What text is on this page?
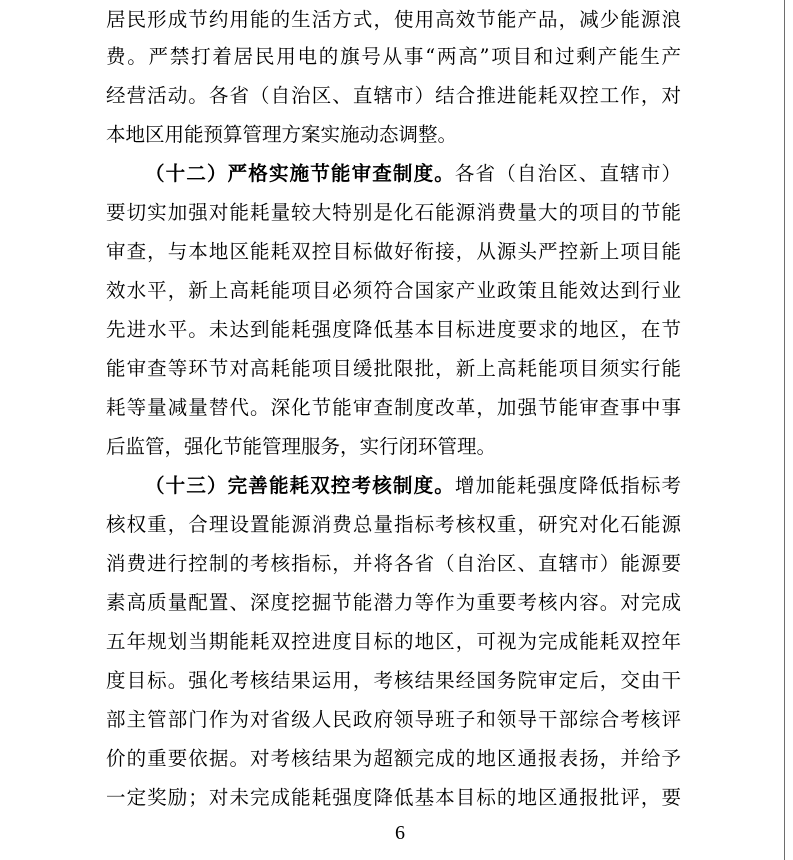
居民形成节约用能的生活方式，使用高效节能产品，减少能源浪
费。严禁打着居民用电的旗号从事“两高”项目和过剩产能生产
经营活动。各省（自治区、直辖市）结合推进能耗双控工作，对
本地区用能预算管理方案实施动态调整。
（十二）严格实施节能审查制度。各省（自治区、直辖市）
要切实加强对能耗量较大特别是化石能源消费量大的项目的节能
审查，与本地区能耗双控目标做好衔接，从源头严控新上项目能
效水平，新上高耗能项目必须符合国家产业政策且能效达到行业
先进水平。未达到能耗强度降低基本目标进度要求的地区，在节
能审查等环节对高耗能项目缓批限批，新上高耗能项目须实行能
耗等量减量替代。深化节能审查制度改革，加强节能审查事中事
后监管，强化节能管理服务，实行闭环管理。
（十三）完善能耗双控考核制度。增加能耗强度降低指标考
核权重，合理设置能源消费总量指标考核权重，研究对化石能源
消费进行控制的考核指标，并将各省（自治区、直辖市）能源要
素高质量配置、深度挖掘节能潜力等作为重要考核内容。对完成
五年规划当期能耗双控进度目标的地区，可视为完成能耗双控年
度目标。强化考核结果运用，考核结果经国务院审定后，交由干
部主管部门作为对省级人民政府领导班子和领导干部综合考核评
价的重要依据。对考核结果为超额完成的地区通报表扬，并给予
一定奖励；对未完成能耗强度降低基本目标的地区通报批评，要
6
